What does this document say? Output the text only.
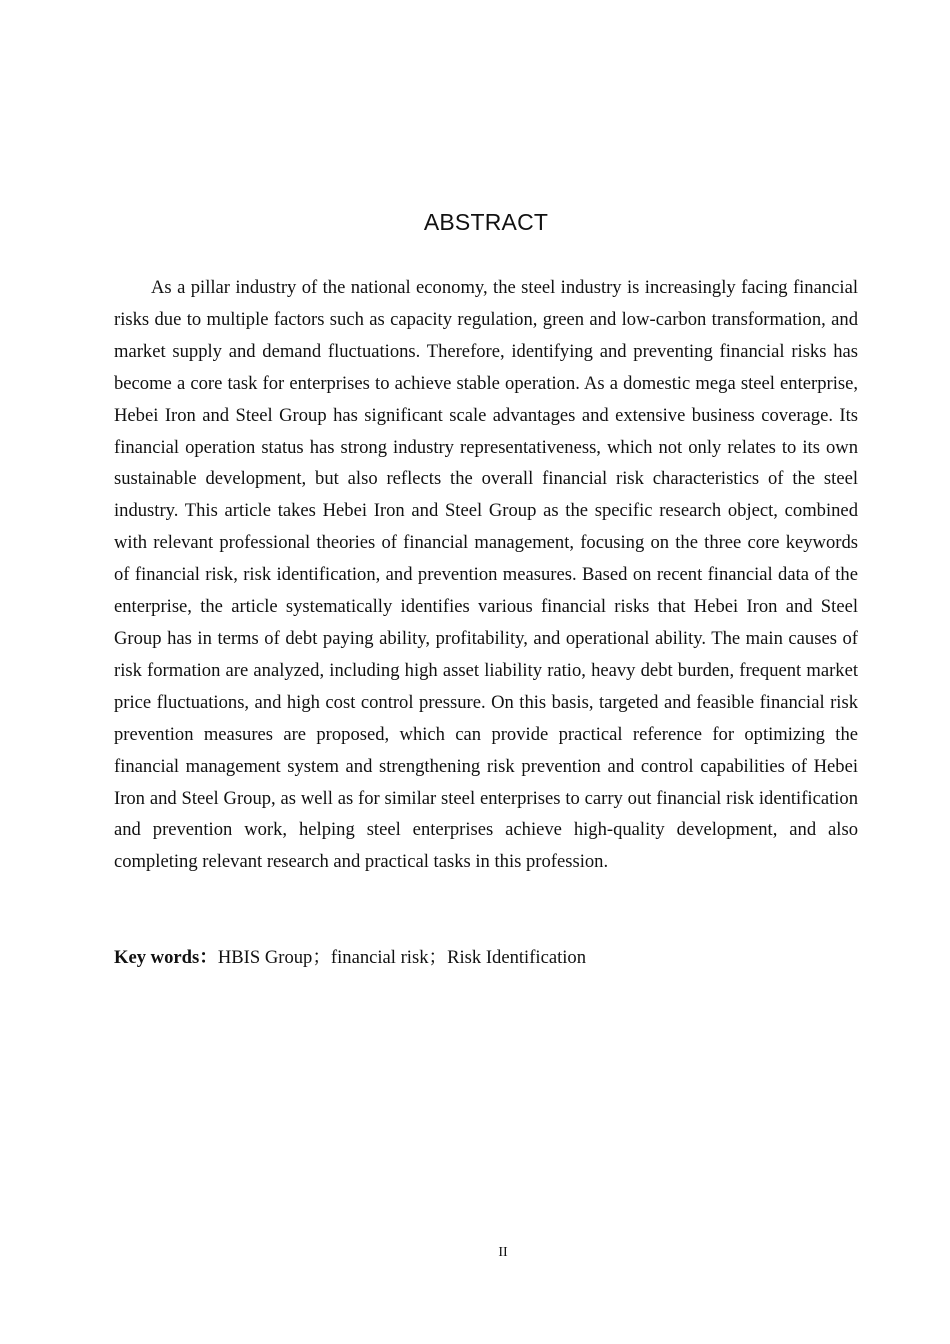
ABSTRACT

As a pillar industry of the national economy, the steel industry is increasingly facing financial risks due to multiple factors such as capacity regulation, green and low-carbon transformation, and market supply and demand fluctuations. Therefore, identifying and preventing financial risks has become a core task for enterprises to achieve stable operation. As a domestic mega steel enterprise, Hebei Iron and Steel Group has significant scale advantages and extensive business coverage. Its financial operation status has strong industry representativeness, which not only relates to its own sustainable development, but also reflects the overall financial risk characteristics of the steel industry. This article takes Hebei Iron and Steel Group as the specific research object, combined with relevant professional theories of financial management, focusing on the three core keywords of financial risk, risk identification, and prevention measures. Based on recent financial data of the enterprise, the article systematically identifies various financial risks that Hebei Iron and Steel Group has in terms of debt paying ability, profitability, and operational ability. The main causes of risk formation are analyzed, including high asset liability ratio, heavy debt burden, frequent market price fluctuations, and high cost control pressure. On this basis, targeted and feasible financial risk prevention measures are proposed, which can provide practical reference for optimizing the financial management system and strengthening risk prevention and control capabilities of Hebei Iron and Steel Group, as well as for similar steel enterprises to carry out financial risk identification and prevention work, helping steel enterprises achieve high-quality development, and also completing relevant research and practical tasks in this profession.

Key words：HBIS Group；financial risk；Risk Identification

II
